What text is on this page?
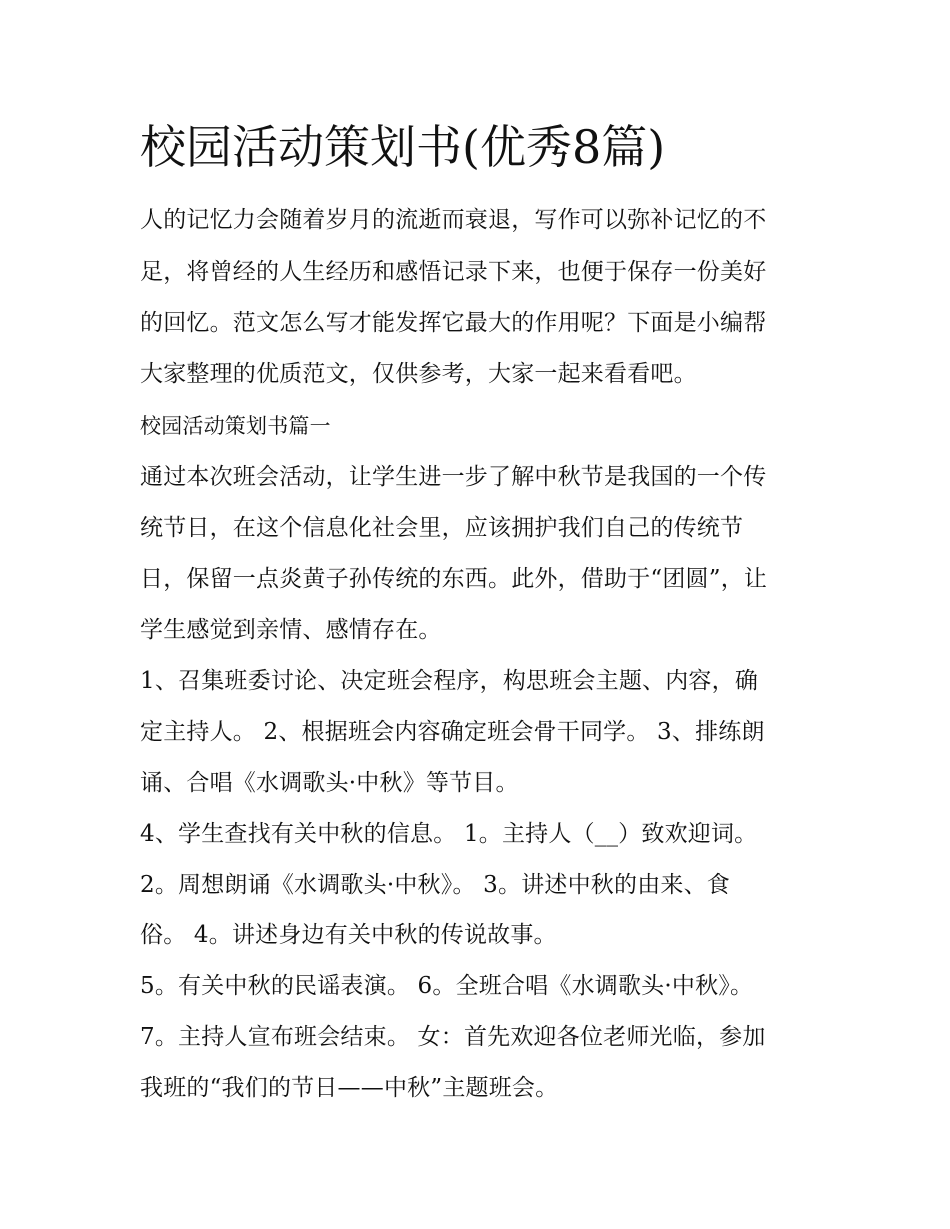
校园活动策划书(优秀8篇)
人的记忆力会随着岁月的流逝而衰退，写作可以弥补记忆的不
足，将曾经的人生经历和感悟记录下来，也便于保存一份美好
的回忆。范文怎么写才能发挥它最大的作用呢？下面是小编帮
大家整理的优质范文，仅供参考，大家一起来看看吧。
校园活动策划书篇一
通过本次班会活动，让学生进一步了解中秋节是我国的一个传
统节日，在这个信息化社会里，应该拥护我们自己的传统节
日，保留一点炎黄子孙传统的东西。此外，借助于“团圆”，让
学生感觉到亲情、感情存在。
1、召集班委讨论、决定班会程序，构思班会主题、内容，确
定主持人。 2、根据班会内容确定班会骨干同学。 3、排练朗
诵、合唱《水调歌头·中秋》等节目。
4、学生查找有关中秋的信息。 1。主持人（__）致欢迎词。
2。周想朗诵《水调歌头·中秋》。 3。讲述中秋的由来、食
俗。 4。讲述身边有关中秋的传说故事。
5。有关中秋的民谣表演。 6。全班合唱《水调歌头·中秋》。
7。主持人宣布班会结束。 女：首先欢迎各位老师光临，参加
我班的“我们的节日——中秋”主题班会。
